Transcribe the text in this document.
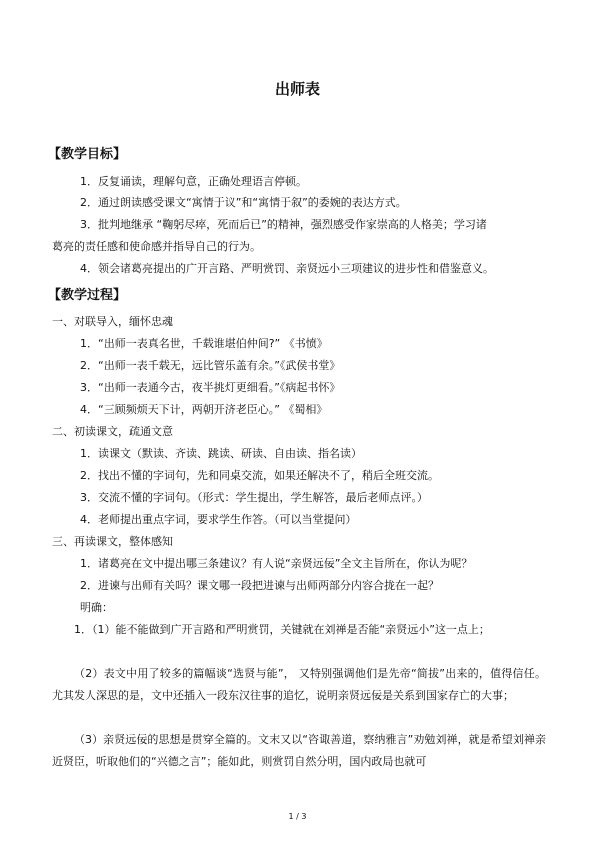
出师表
【教学目标】
1．反复诵读，理解句意，正确处理语言停顿。
2．通过朗读感受课文“寓情于议”和“寓情于叙”的委婉的表达方式。
3．批判地继承 “鞠躬尽瘁，死而后已”的精神，强烈感受作家崇高的人格美；学习诸
葛亮的责任感和使命感并指导自己的行为。
4．领会诸葛亮提出的广开言路、严明赏罚、亲贤远小三项建议的进步性和借鉴意义。
【教学过程】
一、对联导入，缅怀忠魂
1．“出师一表真名世，千载谁堪伯仲间?” 《书愤》
2．“出师一表千载无，远比管乐盖有余。”《武侯书堂》
3．“出师一表通今古，夜半挑灯更细看。”《病起书怀》
4．“三顾频烦天下计，两朝开济老臣心。” 《蜀相》
二、初读课文，疏通文意
1．读课文（默读、齐读、跳读、研读、自由读、指名读）
2．找出不懂的字词句，先和同桌交流，如果还解决不了，稍后全班交流。
3．交流不懂的字词句。（形式：学生提出，学生解答，最后老师点评。）
4．老师提出重点字词，要求学生作答。（可以当堂提问）
三、再读课文，整体感知
1．诸葛亮在文中提出哪三条建议？有人说“亲贤远佞”全文主旨所在，你认为呢？
2．进谏与出师有关吗？课文哪一段把进谏与出师两部分内容合拢在一起？
明确：
1．（1）能不能做到广开言路和严明赏罚，关键就在刘禅是否能“亲贤远小”这一点上；
（2）表文中用了较多的篇幅谈“选贤与能”， 又特别强调他们是先帝“简拔”出来的，值得信任。尤其发人深思的是，文中还插入一段东汉往事的追忆，说明亲贤远佞是关系到国家存亡的大事；
（3）亲贤远佞的思想是贯穿全篇的。文末又以“咨诹善道，察纳雅言”劝勉刘禅，就是希望刘禅亲近贤臣，听取他们的“兴德之言”；能如此，则赏罚自然分明，国内政局也就可
1 / 3
